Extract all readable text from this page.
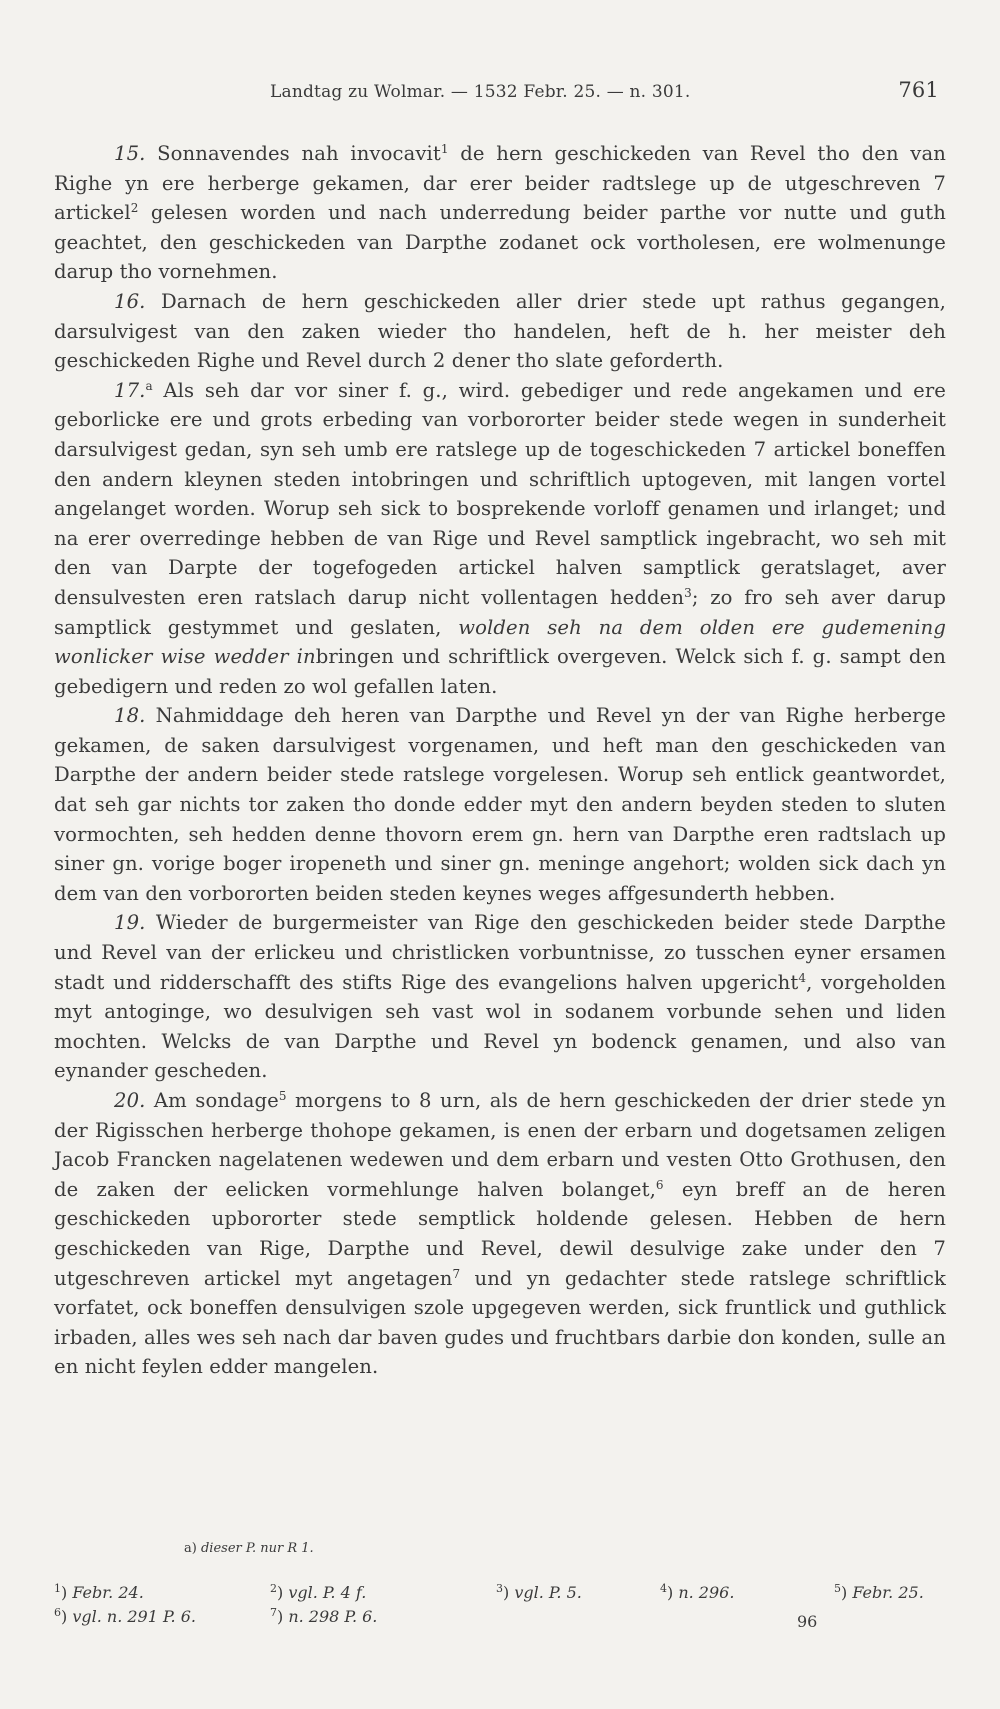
Landtag zu Wolmar. — 1532 Febr. 25. — n. 301.	761

15. Sonnavendes nah invocavit$^1$ de hern geschickeden van Revel tho den van Righe yn ere herberge gekamen, dar erer beider radtslege up de utgeschreven 7 artickel$^2$ gelesen worden und nach underredung beider parthe vor nutte und guth geachtet, den geschickeden van Darpthe zodanet ock vortholesen, ere wolmenunge darup tho vornehmen.

16. Darnach de hern geschickeden aller drier stede upt rathus gegangen, darsulvigest van den zaken wieder tho handelen, heft de h. her meister deh geschickeden Righe und Revel durch 2 dener tho slate geforderth.

17.$^a$ Als seh dar vor siner f. g., wird. gebediger und rede angekamen und ere geborlicke ere und grots erbeding van vorbororter beider stede wegen in sunderheit darsulvigest gedan, syn seh umb ere ratslege up de togeschickeden 7 artickel boneffen den andern kleynen steden intobringen und schriftlich uptogeven, mit langen vortel angelanget worden. Worup seh sick to bosprekende vorloff genamen und irlanget; und na erer overredinge hebben de van Rige und Revel samptlick ingebracht, wo seh mit den van Darpte der togefogeden artickel halven samptlick geratslaget, aver densulvesten eren ratslach darup nicht vollentagen hedden$^3$; zo fro seh aver darup samptlick gestymmet und geslaten, wolden seh na dem olden ere gudemening wonlicker wise wedder inbringen und schriftlick overgeven. Welck sich f. g. sampt den gebedigern und reden zo wol gefallen laten.

18. Nahmiddage deh heren van Darpthe und Revel yn der van Righe herberge gekamen, de saken darsulvigest vorgenamen, und heft man den geschickeden van Darpthe der andern beider stede ratslege vorgelesen. Worup seh entlick geantwordet, dat seh gar nichts tor zaken tho donde edder myt den andern beyden steden to sluten vormochten, seh hedden denne thovorn erem gn. hern van Darpthe eren radtslach up siner gn. vorige boger iropeneth und siner gn. meninge angehort; wolden sick dach yn dem van den vorbororten beiden steden keynes weges affgesunderth hebben.

19. Wieder de burgermeister van Rige den geschickeden beider stede Darpthe und Revel van der erlickeu und christlicken vorbuntnisse, zo tusschen eyner ersamen stadt und ridderschafft des stifts Rige des evangelions halven upgericht$^4$, vorgeholden myt antoginge, wo desulvigen seh vast wol in sodanem vorbunde sehen und liden mochten. Welcks de van Darpthe und Revel yn bodenck genamen, und also van eynander gescheden.

20. Am sondage$^5$ morgens to 8 urn, als de hern geschickeden der drier stede yn der Rigisschen herberge thohope gekamen, is enen der erbarn und dogetsamen zeligen Jacob Francken nagelatenen wedewen und dem erbarn und vesten Otto Grothusen, den de zaken der eelicken vormehlunge halven bolanget,$^6$ eyn breff an de heren geschickeden upbororter stede semptlick holdende gelesen. Hebben de hern geschickeden van Rige, Darpthe und Revel, dewil desulvige zake under den 7 utgeschreven artickel myt angetagen$^7$ und yn gedachter stede ratslege schriftlick vorfatet, ock boneffen densulvigen szole upgegeven werden, sick fruntlick und guthlick irbaden, alles wes seh nach dar baven gudes und fruchtbars darbie don konden, sulle an en nicht feylen edder mangelen.

a) dieser P. nur R 1.
$^1$) Febr. 24.	$^2$) vgl. P. 4 f.	$^3$) vgl. P. 5.	$^4$) n. 296.	$^5$) Febr. 25.
$^6$) vgl. n. 291 P. 6.	$^7$) n. 298 P. 6.	96
